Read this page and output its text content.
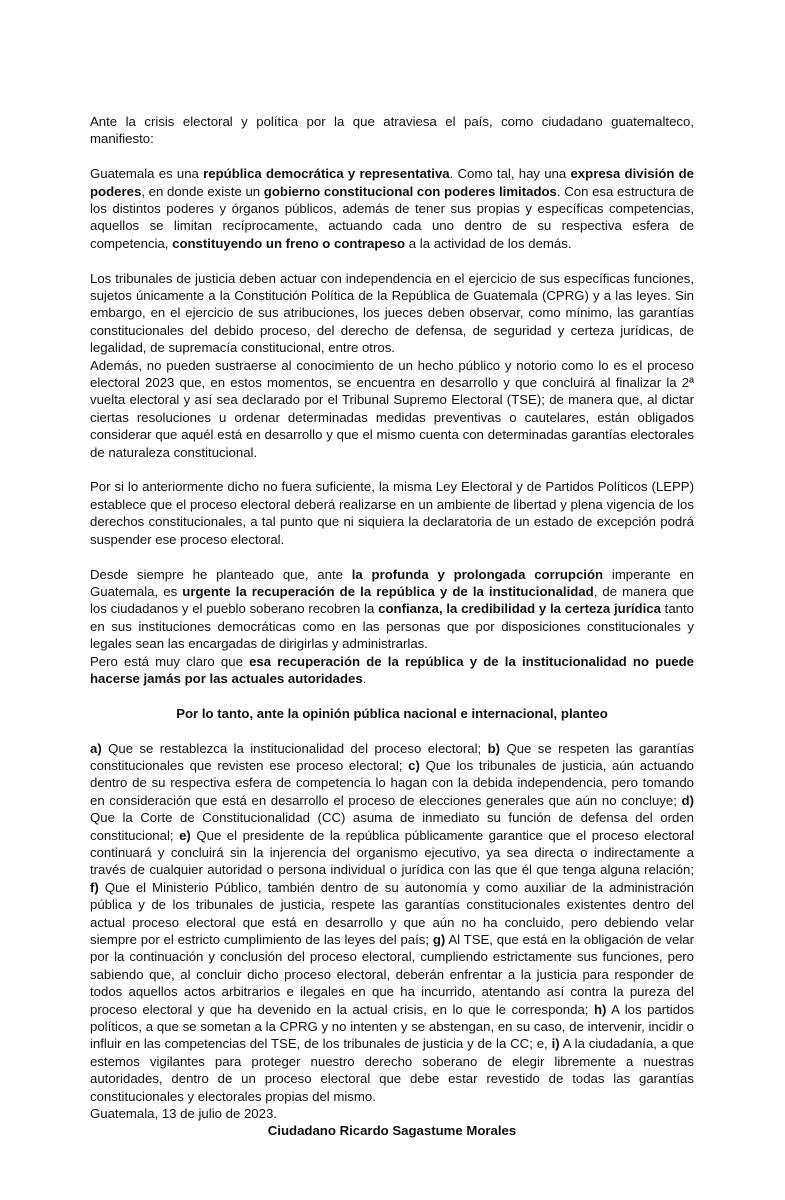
Ante la crisis electoral y política por la que atraviesa el país, como ciudadano guatemalteco, manifiesto:

Guatemala es una república democrática y representativa. Como tal, hay una expresa división de poderes, en donde existe un gobierno constitucional con poderes limitados. Con esa estructura de los distintos poderes y órganos públicos, además de tener sus propias y específicas competencias, aquellos se limitan recíprocamente, actuando cada uno dentro de su respectiva esfera de competencia, constituyendo un freno o contrapeso a la actividad de los demás.

Los tribunales de justicia deben actuar con independencia en el ejercicio de sus específicas funciones, sujetos únicamente a la Constitución Política de la República de Guatemala (CPRG) y a las leyes. Sin embargo, en el ejercicio de sus atribuciones, los jueces deben observar, como mínimo, las garantías constitucionales del debido proceso, del derecho de defensa, de seguridad y certeza jurídicas, de legalidad, de supremacía constitucional, entre otros.

Además, no pueden sustraerse al conocimiento de un hecho público y notorio como lo es el proceso electoral 2023 que, en estos momentos, se encuentra en desarrollo y que concluirá al finalizar la 2ª vuelta electoral y así sea declarado por el Tribunal Supremo Electoral (TSE); de manera que, al dictar ciertas resoluciones u ordenar determinadas medidas preventivas o cautelares, están obligados considerar que aquél está en desarrollo y que el mismo cuenta con determinadas garantías electorales de naturaleza constitucional.

Por si lo anteriormente dicho no fuera suficiente, la misma Ley Electoral y de Partidos Políticos (LEPP) establece que el proceso electoral deberá realizarse en un ambiente de libertad y plena vigencia de los derechos constitucionales, a tal punto que ni siquiera la declaratoria de un estado de excepción podrá suspender ese proceso electoral.

Desde siempre he planteado que, ante la profunda y prolongada corrupción imperante en Guatemala, es urgente la recuperación de la república y de la institucionalidad, de manera que los ciudadanos y el pueblo soberano recobren la confianza, la credibilidad y la certeza jurídica tanto en sus instituciones democráticas como en las personas que por disposiciones constitucionales y legales sean las encargadas de dirigirlas y administrarlas.

Pero está muy claro que esa recuperación de la república y de la institucionalidad no puede hacerse jamás por las actuales autoridades.

Por lo tanto, ante la opinión pública nacional e internacional, planteo

a) Que se restablezca la institucionalidad del proceso electoral; b) Que se respeten las garantías constitucionales que revisten ese proceso electoral; c) Que los tribunales de justicia, aún actuando dentro de su respectiva esfera de competencia lo hagan con la debida independencia, pero tomando en consideración que está en desarrollo el proceso de elecciones generales que aún no concluye; d) Que la Corte de Constitucionalidad (CC) asuma de inmediato su función de defensa del orden constitucional; e) Que el presidente de la república públicamente garantice que el proceso electoral continuará y concluirá sin la injerencia del organismo ejecutivo, ya sea directa o indirectamente a través de cualquier autoridad o persona individual o jurídica con las que él que tenga alguna relación; f) Que el Ministerio Público, también dentro de su autonomía y como auxiliar de la administración pública y de los tribunales de justicia, respete las garantías constitucionales existentes dentro del actual proceso electoral que está en desarrollo y que aún no ha concluido, pero debiendo velar siempre por el estricto cumplimiento de las leyes del país; g) Al TSE, que está en la obligación de velar por la continuación y conclusión del proceso electoral, cumpliendo estrictamente sus funciones, pero sabiendo que, al concluir dicho proceso electoral, deberán enfrentar a la justicia para responder de todos aquellos actos arbitrarios e ilegales en que ha incurrido, atentando así contra la pureza del proceso electoral y que ha devenido en la actual crisis, en lo que le corresponda; h) A los partidos políticos, a que se sometan a la CPRG y no intenten y se abstengan, en su caso, de intervenir, incidir o influir en las competencias del TSE, de los tribunales de justicia y de la CC; e, i) A la ciudadanía, a que estemos vigilantes para proteger nuestro derecho soberano de elegir libremente a nuestras autoridades, dentro de un proceso electoral que debe estar revestido de todas las garantías constitucionales y electorales propias del mismo.

Guatemala, 13 de julio de 2023.

Ciudadano Ricardo Sagastume Morales
